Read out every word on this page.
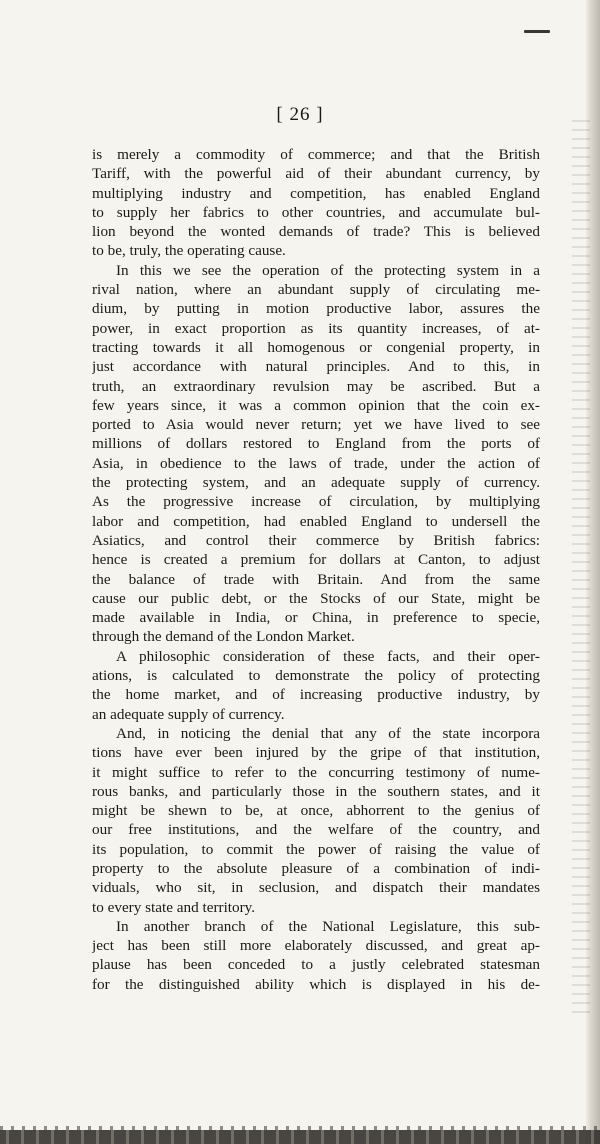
[ 26 ]
is merely a commodity of commerce; and that the British
Tariff, with the powerful aid of their abundant currency, by
multiplying industry and competition, has enabled England
to supply her fabrics to other countries, and accumulate bul-
lion beyond the wonted demands of trade? This is believed
to be, truly, the operating cause.
In this we see the operation of the protecting system in a
rival nation, where an abundant supply of circulating me-
dium, by putting in motion productive labor, assures the
power, in exact proportion as its quantity increases, of at-
tracting towards it all homogenous or congenial property, in
just accordance with natural principles. And to this, in
truth, an extraordinary revulsion may be ascribed. But a
few years since, it was a common opinion that the coin ex-
ported to Asia would never return; yet we have lived to see
millions of dollars restored to England from the ports of
Asia, in obedience to the laws of trade, under the action of
the protecting system, and an adequate supply of currency.
As the progressive increase of circulation, by multiplying
labor and competition, had enabled England to undersell the
Asiatics, and control their commerce by British fabrics:
hence is created a premium for dollars at Canton, to adjust
the balance of trade with Britain. And from the same
cause our public debt, or the Stocks of our State, might be
made available in India, or China, in preference to specie,
through the demand of the London Market.
A philosophic consideration of these facts, and their oper-
ations, is calculated to demonstrate the policy of protecting
the home market, and of increasing productive industry, by
an adequate supply of currency.
And, in noticing the denial that any of the state incorpora
tions have ever been injured by the gripe of that institution,
it might suffice to refer to the concurring testimony of nume-
rous banks, and particularly those in the southern states, and it
might be shewn to be, at once, abhorrent to the genius of
our free institutions, and the welfare of the country, and
its population, to commit the power of raising the value of
property to the absolute pleasure of a combination of indi-
viduals, who sit, in seclusion, and dispatch their mandates
to every state and territory.
In another branch of the National Legislature, this sub-
ject has been still more elaborately discussed, and great ap-
plause has been conceded to a justly celebrated statesman
for the distinguished ability which is displayed in his de-
